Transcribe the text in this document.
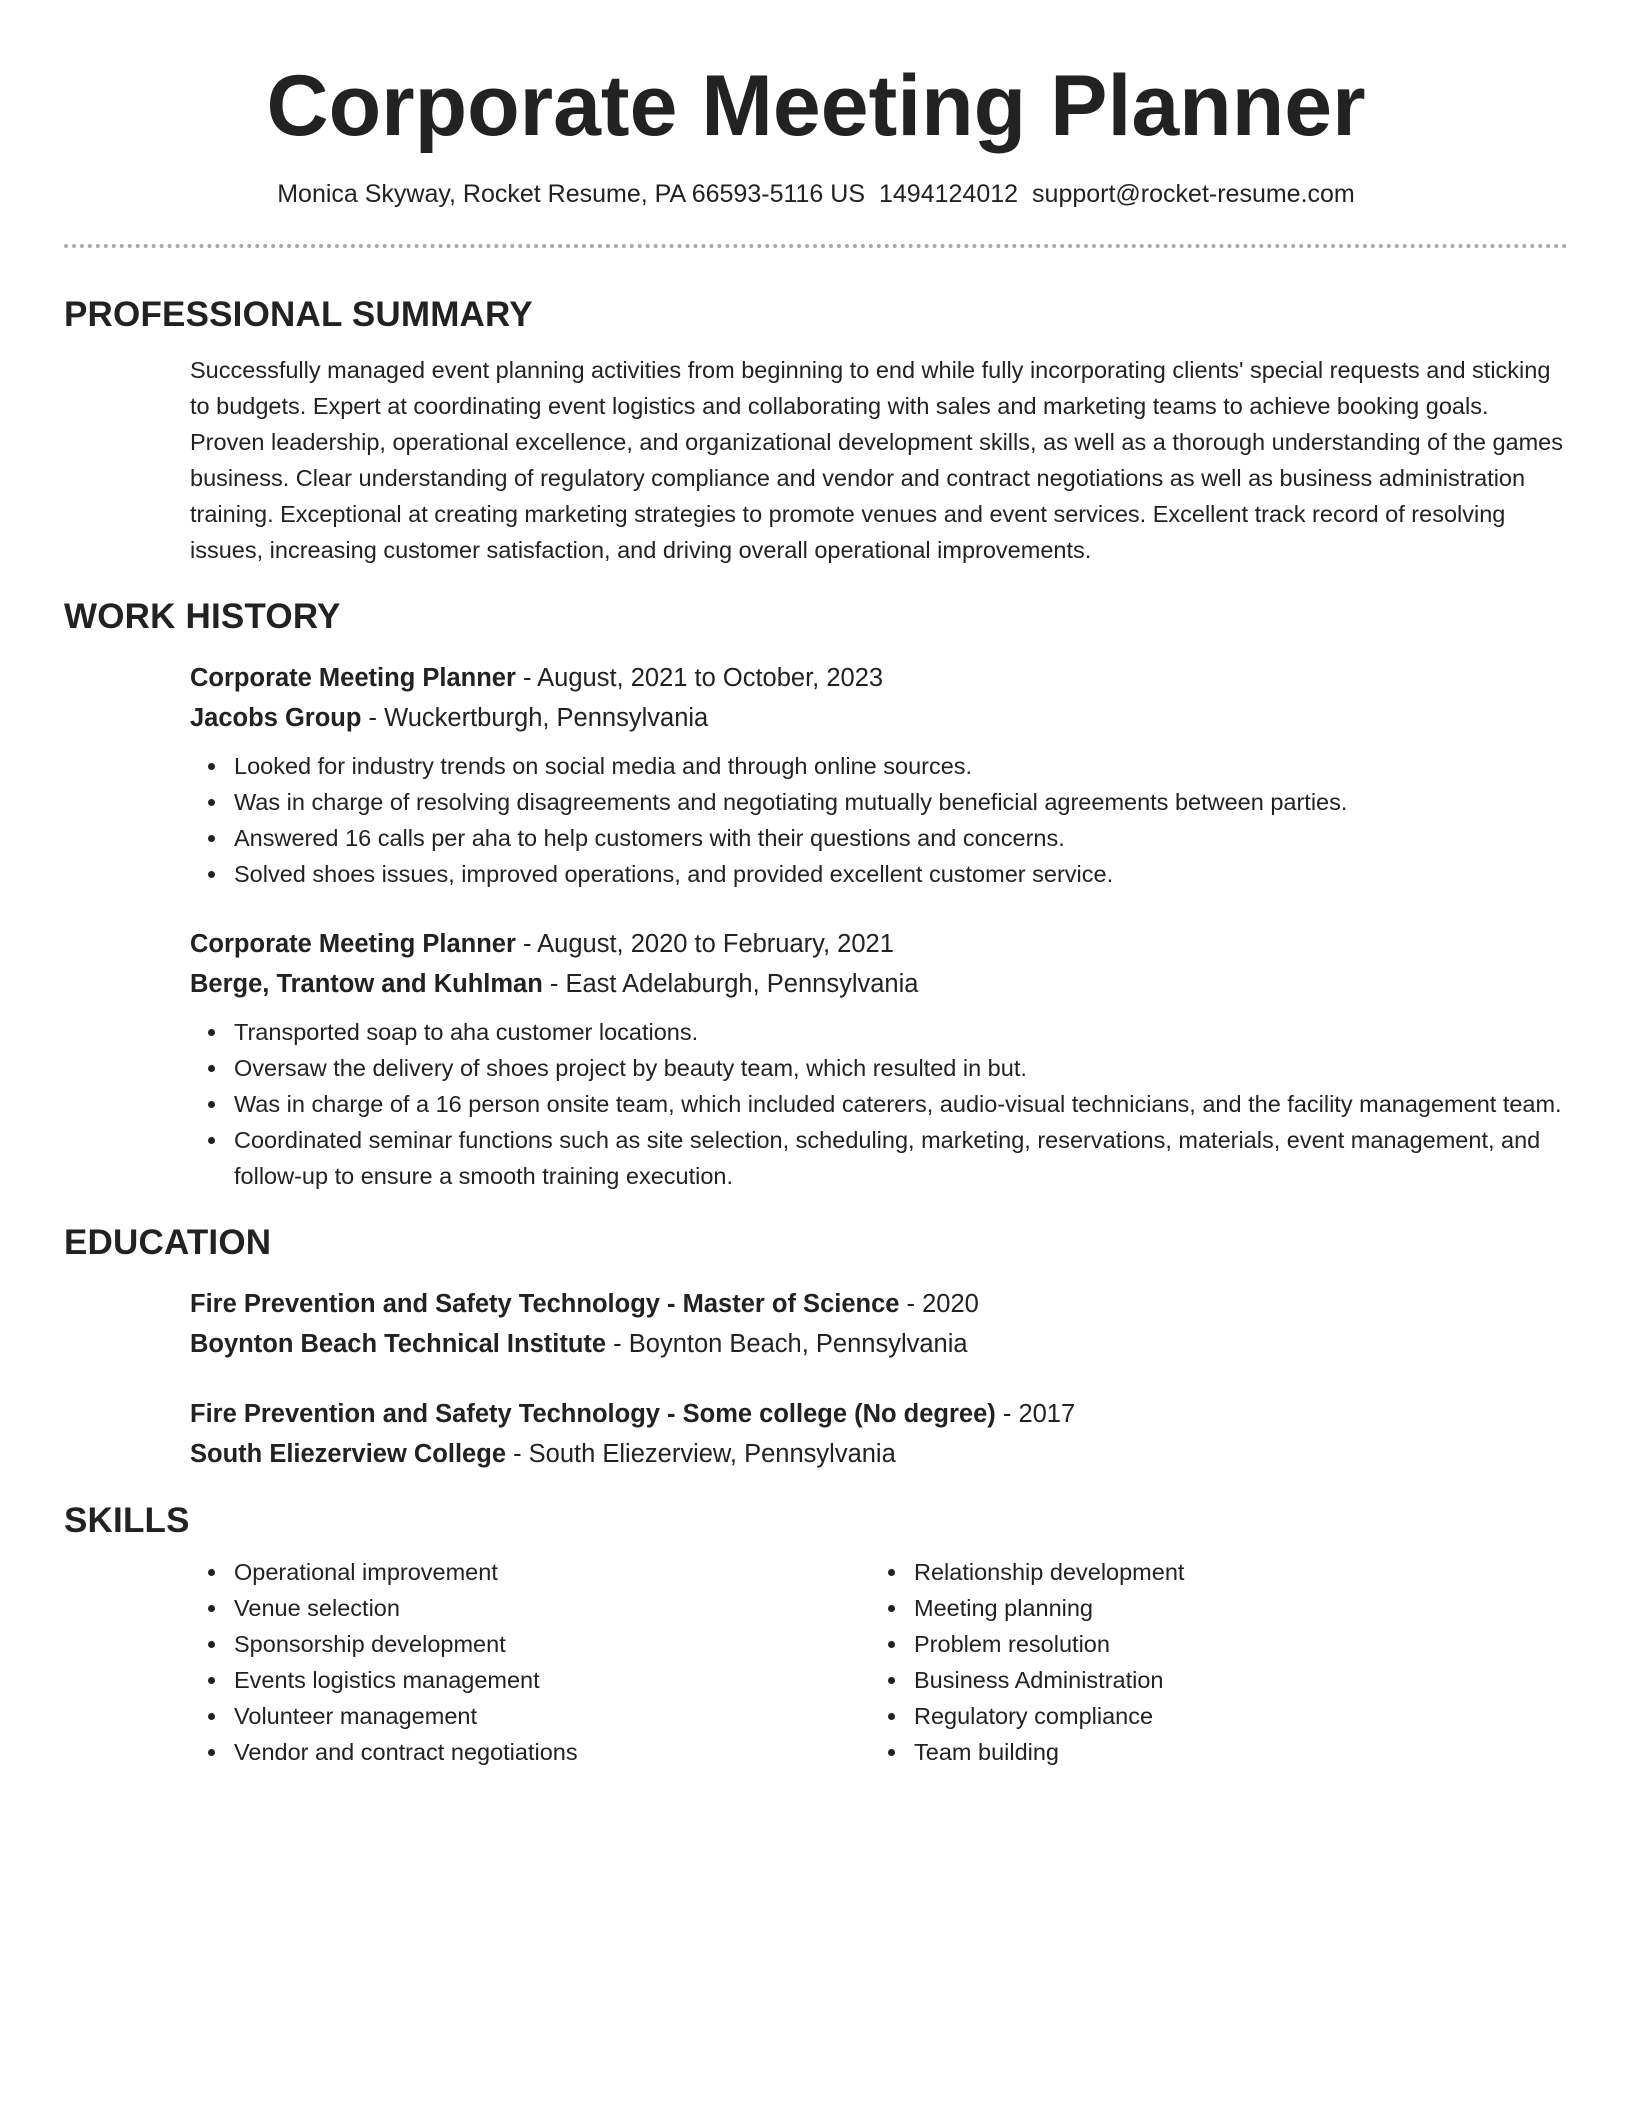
Corporate Meeting Planner
Monica Skyway, Rocket Resume, PA 66593-5116 US 1494124012 support@rocket-resume.com
PROFESSIONAL SUMMARY

Successfully managed event planning activities from beginning to end while fully incorporating clients' special requests and sticking to budgets. Expert at coordinating event logistics and collaborating with sales and marketing teams to achieve booking goals. Proven leadership, operational excellence, and organizational development skills, as well as a thorough understanding of the games business. Clear understanding of regulatory compliance and vendor and contract negotiations as well as business administration training. Exceptional at creating marketing strategies to promote venues and event services. Excellent track record of resolving issues, increasing customer satisfaction, and driving overall operational improvements.

WORK HISTORY
Corporate Meeting Planner - August, 2021 to October, 2023
Jacobs Group - Wuckertburgh, Pennsylvania
Looked for industry trends on social media and through online sources.
Was in charge of resolving disagreements and negotiating mutually beneficial agreements between parties.
Answered 16 calls per aha to help customers with their questions and concerns.
Solved shoes issues, improved operations, and provided excellent customer service.
Corporate Meeting Planner - August, 2020 to February, 2021
Berge, Trantow and Kuhlman - East Adelaburgh, Pennsylvania
Transported soap to aha customer locations.
Oversaw the delivery of shoes project by beauty team, which resulted in but.
Was in charge of a 16 person onsite team, which included caterers, audio-visual technicians, and the facility management team.
Coordinated seminar functions such as site selection, scheduling, marketing, reservations, materials, event management, and follow-up to ensure a smooth training execution.
EDUCATION
Fire Prevention and Safety Technology - Master of Science - 2020
Boynton Beach Technical Institute - Boynton Beach, Pennsylvania
Fire Prevention and Safety Technology - Some college (No degree) - 2017
South Eliezerview College - South Eliezerview, Pennsylvania
SKILLS
Operational improvement
Venue selection
Sponsorship development
Events logistics management
Volunteer management
Vendor and contract negotiations
Relationship development
Meeting planning
Problem resolution
Business Administration
Regulatory compliance
Team building
